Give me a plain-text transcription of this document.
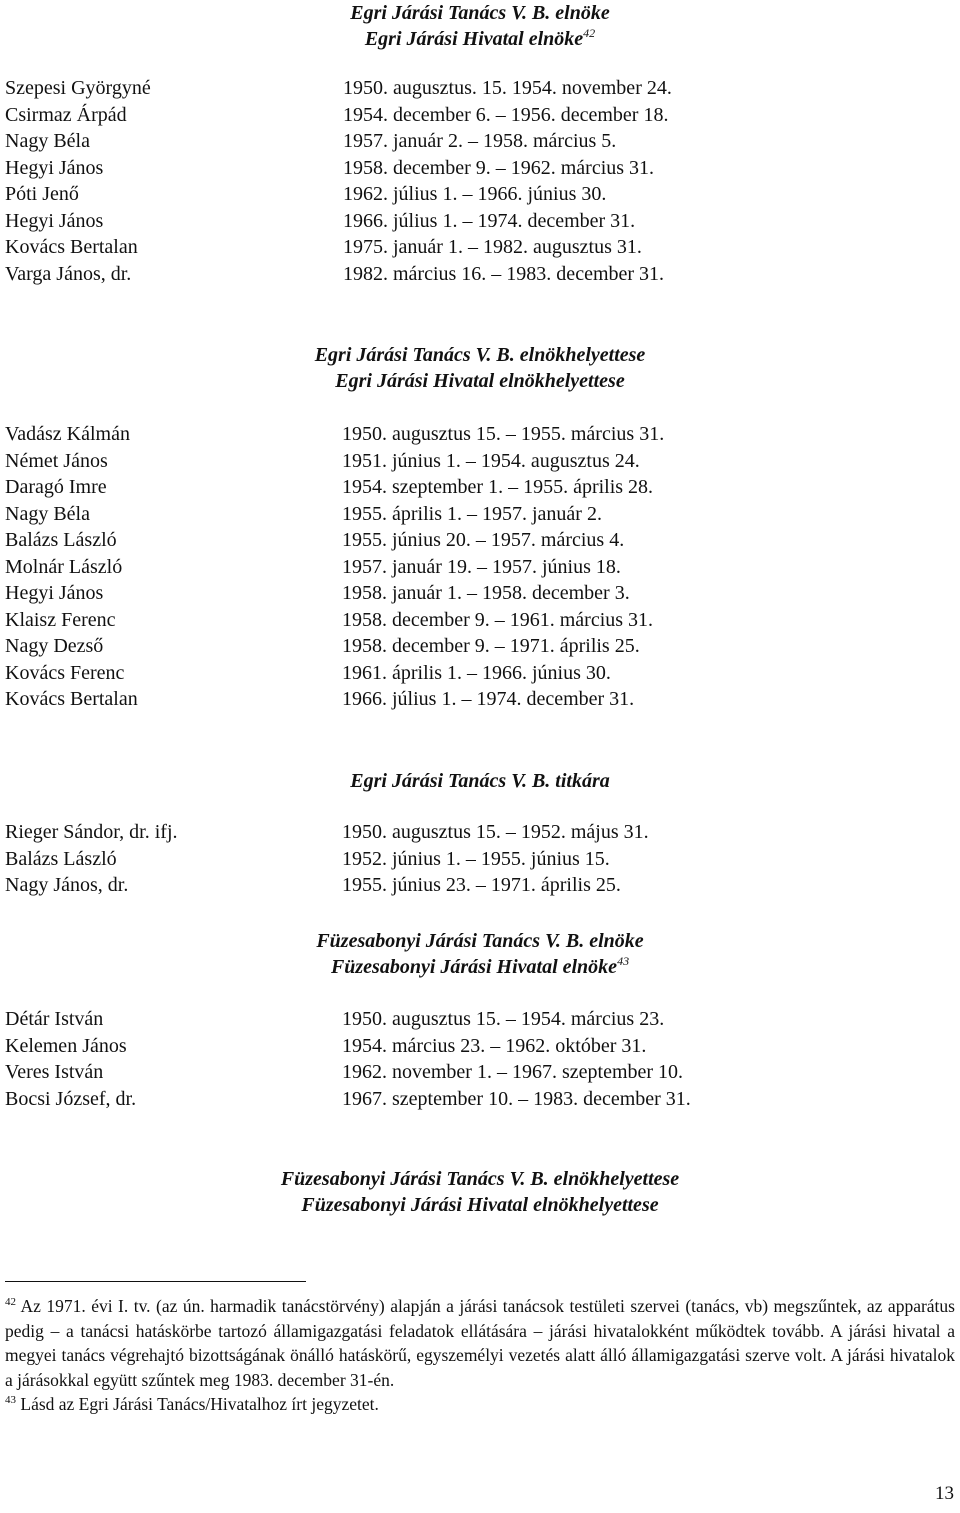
Egri Járási Tanács V. B. elnöke
Egri Járási Hivatal elnöke$^{42}$
Szepesi Györgyné	1950. augusztus. 15. 1954. november 24.
Csirmaz Árpád	1954. december 6. – 1956. december 18.
Nagy Béla	1957. január 2. – 1958. március 5.
Hegyi János	1958. december 9. – 1962. március 31.
Póti Jenő	1962. július 1. – 1966. június 30.
Hegyi János	1966. július 1. – 1974. december 31.
Kovács Bertalan	1975. január 1. – 1982. augusztus 31.
Varga János, dr.	1982. március 16. – 1983. december 31.
Egri Járási Tanács V. B. elnökhelyettese
Egri Járási Hivatal elnökhelyettese
Vadász Kálmán	1950. augusztus 15. – 1955. március 31.
Német János	1951. június 1. – 1954. augusztus 24.
Daragó Imre	1954. szeptember 1. – 1955. április 28.
Nagy Béla	1955. április 1. – 1957. január 2.
Balázs László	1955. június 20. – 1957. március 4.
Molnár László	1957. január 19. – 1957. június 18.
Hegyi János	1958. január 1. – 1958. december 3.
Klaisz Ferenc	1958. december 9. – 1961. március 31.
Nagy Dezső	1958. december 9. – 1971. április 25.
Kovács Ferenc	1961. április 1. – 1966. június 30.
Kovács Bertalan	1966. július 1. – 1974. december 31.
Egri Járási Tanács V. B. titkára
Rieger Sándor, dr. ifj.	1950. augusztus 15. – 1952. május 31.
Balázs László	1952. június 1. – 1955. június 15.
Nagy János, dr.	1955. június 23. – 1971. április 25.
Füzesabonyi Járási Tanács V. B. elnöke
Füzesabonyi Járási Hivatal elnöke$^{43}$
Détár István	1950. augusztus 15. – 1954. március 23.
Kelemen János	1954. március 23. – 1962. október 31.
Veres István	1962. november 1. – 1967. szeptember 10.
Bocsi József, dr.	1967. szeptember 10. – 1983. december 31.
Füzesabonyi Járási Tanács V. B. elnökhelyettese
Füzesabonyi Járási Hivatal elnökhelyettese

$^{42}$ Az 1971. évi I. tv. (az ún. harmadik tanácstörvény) alapján a járási tanácsok testületi szervei (tanács, vb) megszűntek, az apparátus pedig – a tanácsi hatáskörbe tartozó államigazgatási feladatok ellátására – járási hivatalokként működtek tovább. A járási hivatal a megyei tanács végrehajtó bizottságának önálló hatáskörű, egyszemélyi vezetés alatt álló államigazgatási szerve volt. A járási hivatalok a járásokkal együtt szűntek meg 1983. december 31-én.

$^{43}$ Lásd az Egri Járási Tanács/Hivatalhoz írt jegyzetet.

13
